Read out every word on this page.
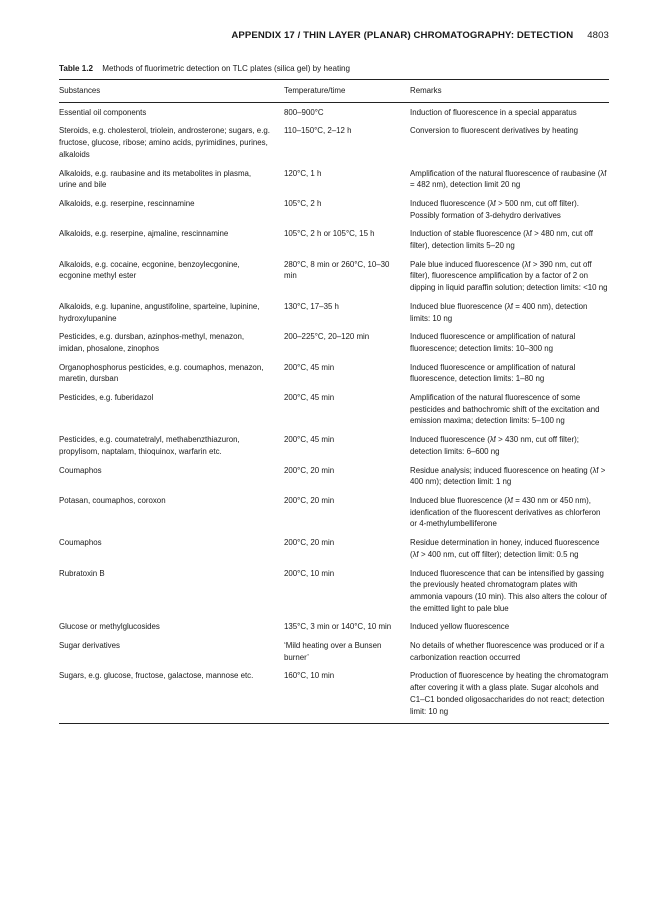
APPENDIX 17 / THIN LAYER (PLANAR) CHROMATOGRAPHY: DETECTION 4803
Table 1.2 Methods of fluorimetric detection on TLC plates (silica gel) by heating
Substances	Temperature/time	Remarks
Essential oil components	800–900°C	Induction of fluorescence in a special apparatus
Steroids, e.g. cholesterol, triolein, androsterone; sugars, e.g. fructose, glucose, ribose; amino acids, pyrimidines, purines, alkaloids	110–150°C, 2–12 h	Conversion to fluorescent derivatives by heating
Alkaloids, e.g. raubasine and its metabolites in plasma, urine and bile	120°C, 1 h	Amplification of the natural fluorescence of raubasine (λf = 482 nm), detection limit 20 ng
Alkaloids, e.g. reserpine, rescinnamine	105°C, 2 h	Induced fluorescence (λf > 500 nm, cut off filter). Possibly formation of 3-dehydro derivatives
Alkaloids, e.g. reserpine, ajmaline, rescinnamine	105°C, 2 h or 105°C, 15 h	Induction of stable fluorescence (λf > 480 nm, cut off filter), detection limits 5–20 ng
Alkaloids, e.g. cocaine, ecgonine, benzoylecgonine, ecgonine methyl ester	280°C, 8 min or 260°C, 10–30 min	Pale blue induced fluorescence (λf > 390 nm, cut off filter), fluorescence amplification by a factor of 2 on dipping in liquid paraffin solution; detection limits: <10 ng
Alkaloids, e.g. lupanine, angustifoline, sparteine, lupinine, hydroxylupanine	130°C, 17–35 h	Induced blue fluorescence (λf = 400 nm), detection limits: 10 ng
Pesticides, e.g. dursban, azinphos-methyl, menazon, imidan, phosalone, zinophos	200–225°C, 20–120 min	Induced fluorescence or amplification of natural fluorescence; detection limits: 10–300 ng
Organophosphorus pesticides, e.g. coumaphos, menazon, maretin, dursban	200°C, 45 min	Induced fluorescence or amplification of natural fluorescence, detection limits: 1–80 ng
Pesticides, e.g. fuberidazol	200°C, 45 min	Amplification of the natural fluorescence of some pesticides and bathochromic shift of the excitation and emission maxima; detection limits: 5–100 ng
Pesticides, e.g. coumatetralyl, methabenzthiazuron, propylisom, naptalam, thioquinox, warfarin etc.	200°C, 45 min	Induced fluorescence (λf > 430 nm, cut off filter); detection limits: 6–600 ng
Coumaphos	200°C, 20 min	Residue analysis; induced fluorescence on heating (λf > 400 nm); detection limit: 1 ng
Potasan, coumaphos, coroxon	200°C, 20 min	Induced blue fluorescence (λf = 430 nm or 450 nm), idenfication of the fluorescent derivatives as chlorferon or 4-methylumbelliferone
Coumaphos	200°C, 20 min	Residue determination in honey, induced fluorescence (λf > 400 nm, cut off filter); detection limit: 0.5 ng
Rubratoxin B	200°C, 10 min	Induced fluorescence that can be intensified by gassing the previously heated chromatogram plates with ammonia vapours (10 min). This also alters the colour of the emitted light to pale blue
Glucose or methylglucosides	135°C, 3 min or 140°C, 10 min	Induced yellow fluorescence
Sugar derivatives	‘Mild heating over a Bunsen burner’	No details of whether fluorescence was produced or if a carbonization reaction occurred
Sugars, e.g. glucose, fructose, galactose, mannose etc.	160°C, 10 min	Production of fluorescence by heating the chromatogram after covering it with a glass plate. Sugar alcohols and C1–C1 bonded oligosaccharides do not react; detection limit: 10 ng
